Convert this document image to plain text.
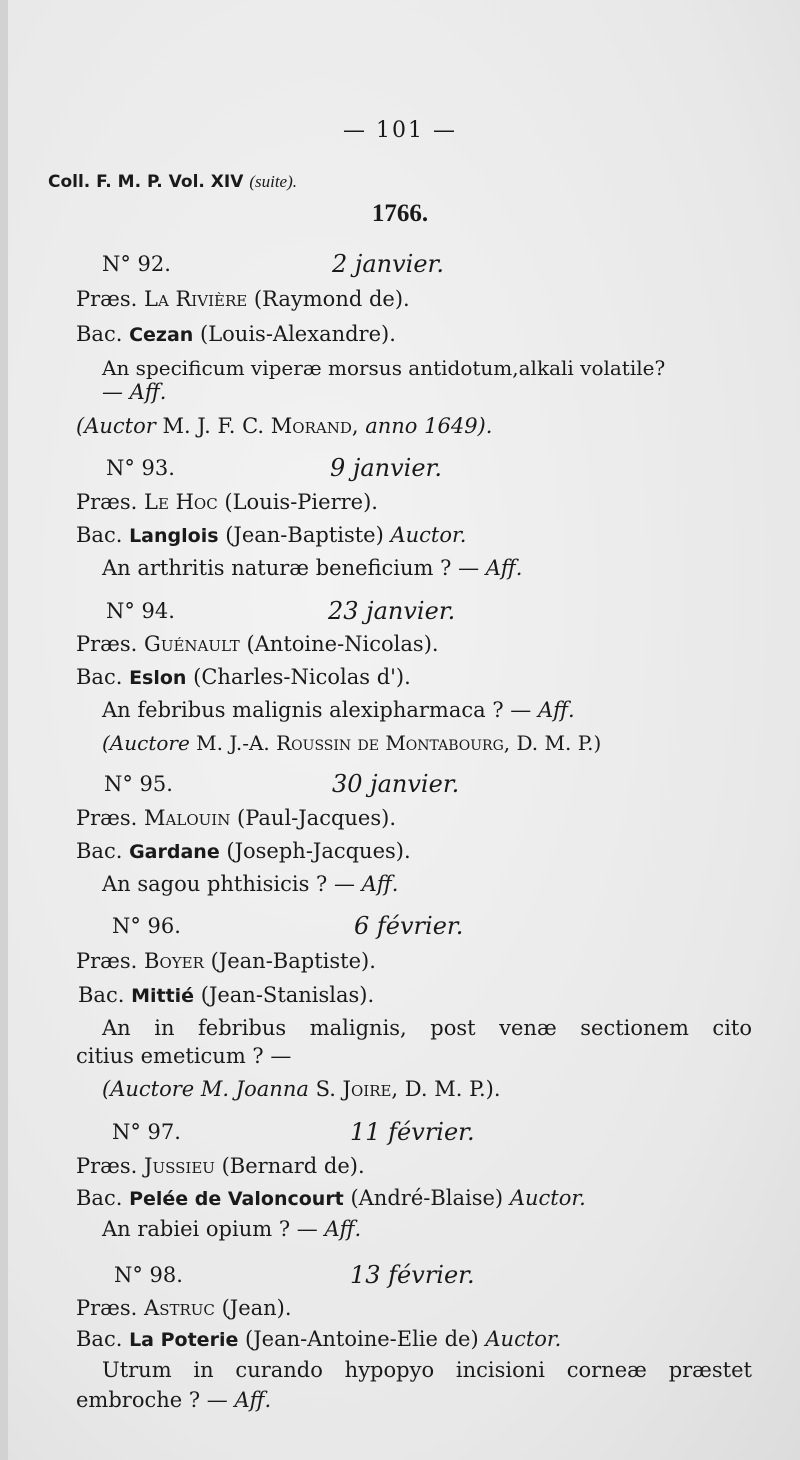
— 101 —
Coll. F. M. P. Vol. XIV (suite).
1766.
N° 92.	2 janvier.
Præs. La Rivière (Raymond de).
Bac. Cezan (Louis-Alexandre).
An specificum viperæ morsus antidotum,alkali volatile?
— Aff.
(Auctor M. J. F. C. Morand, anno 1649).
N° 93.	9 janvier.
Præs. Le Hoc (Louis-Pierre).
Bac. Langlois (Jean-Baptiste) Auctor.
An arthritis naturæ beneficium ? — Aff.
N° 94.	23 janvier.
Præs. Guénault (Antoine-Nicolas).
Bac. Eslon (Charles-Nicolas d').
An febribus malignis alexipharmaca ? — Aff.
(Auctore M. J.-A. Roussin de Montabourg, D. M. P.)
N° 95.	30 janvier.
Præs. Malouin (Paul-Jacques).
Bac. Gardane (Joseph-Jacques).
An sagou phthisicis ? — Aff.
N° 96.	6 février.
Præs. Boyer (Jean-Baptiste).
Bac. Mittié (Jean-Stanislas).
An in febribus malignis, post venæ sectionem cito
citius emeticum ? —
(Auctore M. Joanna S. Joire, D. M. P.).
N° 97.	11 février.
Præs. Jussieu (Bernard de).
Bac. Pelée de Valoncourt (André-Blaise) Auctor.
An rabiei opium ? — Aff.
N° 98.	13 février.
Præs. Astruc (Jean).
Bac. La Poterie (Jean-Antoine-Elie de) Auctor.
Utrum in curando hypopyo incisioni corneæ præstet
embroche ? — Aff.
